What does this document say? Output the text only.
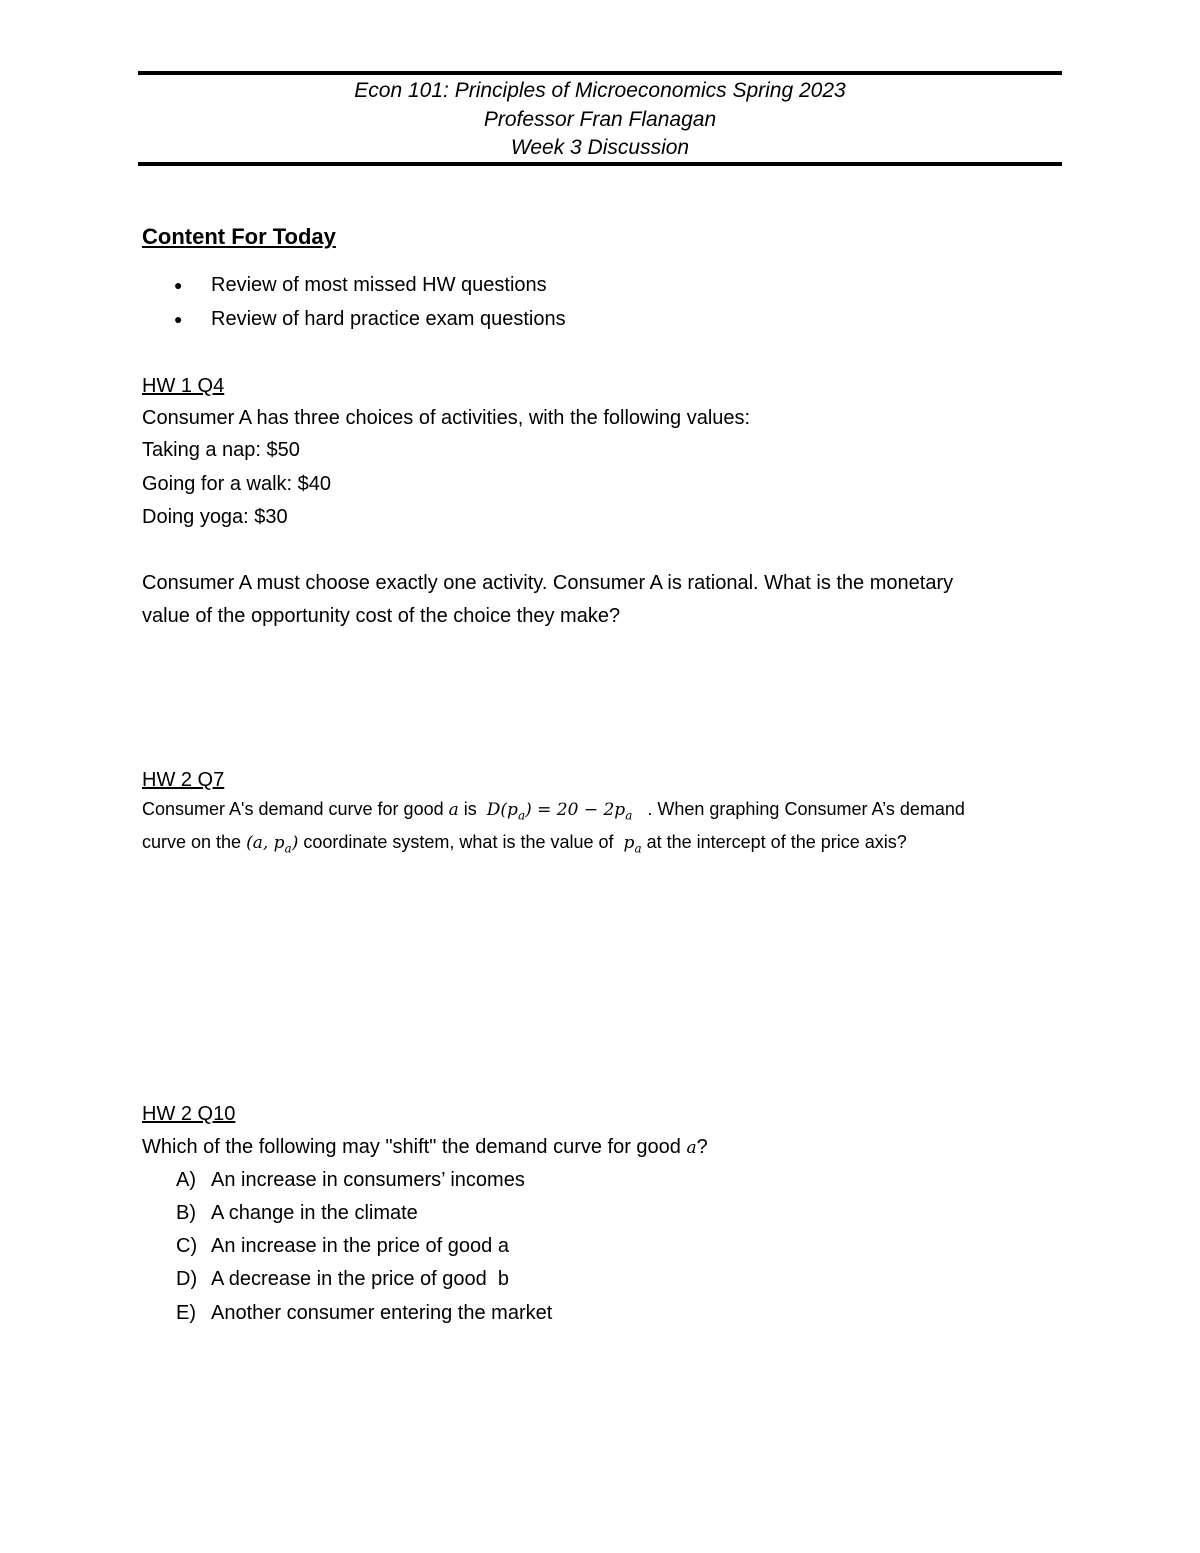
Econ 101: Principles of Microeconomics Spring 2023
Professor Fran Flanagan
Week 3 Discussion
Content For Today
● Review of most missed HW questions
● Review of hard practice exam questions
HW 1 Q4
Consumer A has three choices of activities, with the following values:
Taking a nap: $50
Going for a walk: $40
Doing yoga: $30
Consumer A must choose exactly one activity. Consumer A is rational. What is the monetary
value of the opportunity cost of the choice they make?
HW 2 Q7
Consumer A's demand curve for good a is $D(p_a) = 20 - 2p_a$ . When graphing Consumer A’s demand
curve on the (a, $p_a$) coordinate system, what is the value of $p_a$ at the intercept of the price axis?
HW 2 Q10
Which of the following may "shift" the demand curve for good a?
A) An increase in consumers’ incomes
B) A change in the climate
C) An increase in the price of good a
D) A decrease in the price of good  b
E) Another consumer entering the market
